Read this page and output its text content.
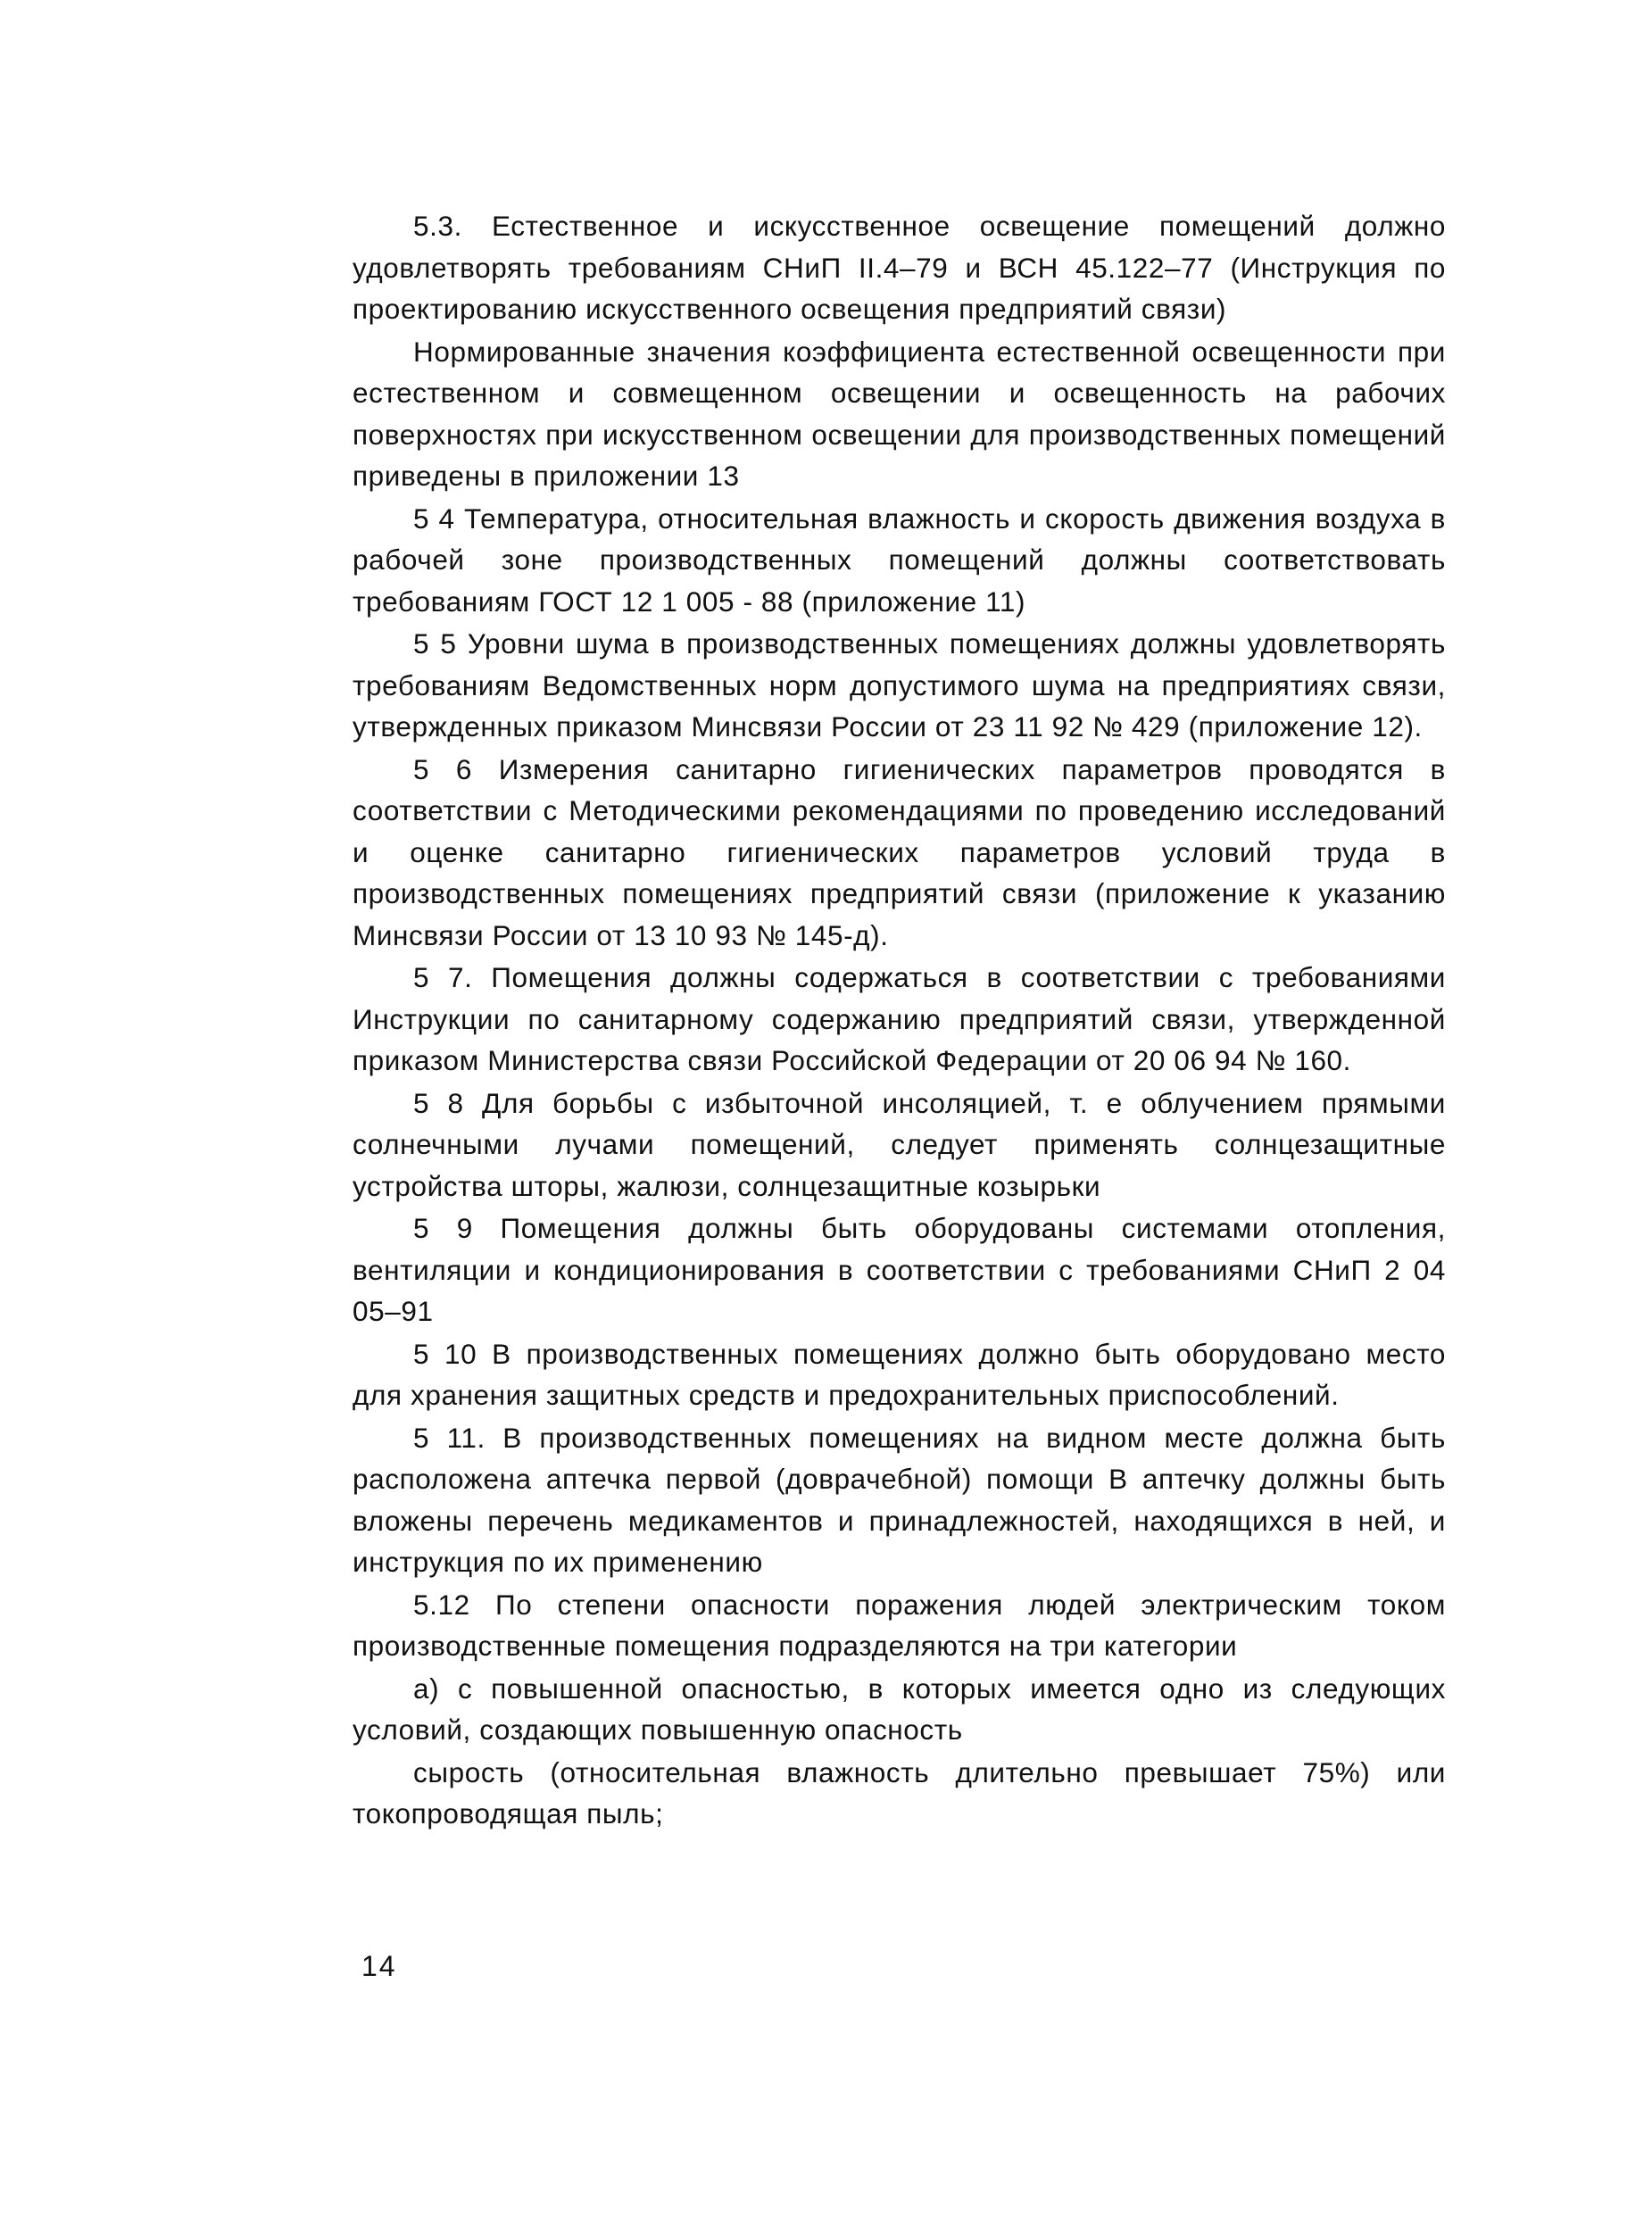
5.3. Естественное и искусственное освещение помещений должно удовлетворять требованиям СНиП II.4–79 и ВСН 45.122–77 (Инструкция по проектированию искусственного освещения предприятий связи)

Нормированные значения коэффициента естественной освещенности при естественном и совмещенном освещении и освещенность на рабочих поверхностях при искусственном освещении для производственных помещений приведены в приложении 13

5 4 Температура, относительная влажность и скорость движения воздуха в рабочей зоне производственных помещений должны соответствовать требованиям ГОСТ 12 1 005 - 88 (приложение 11)

5 5 Уровни шума в производственных помещениях должны удовлетворять требованиям Ведомственных норм допустимого шума на предприятиях связи, утвержденных приказом Минсвязи России от 23 11 92 № 429 (приложение 12).

5 6 Измерения санитарно гигиенических параметров проводятся в соответствии с Методическими рекомендациями по проведению исследований и оценке санитарно гигиенических параметров условий труда в производственных помещениях предприятий связи (приложение к указанию Минсвязи России от 13 10 93 № 145-д).

5 7. Помещения должны содержаться в соответствии с требованиями Инструкции по санитарному содержанию предприятий связи, утвержденной приказом Министерства связи Российской Федерации от 20 06 94 № 160.

5 8 Для борьбы с избыточной инсоляцией, т. е облучением прямыми солнечными лучами помещений, следует применять солнцезащитные устройства шторы, жалюзи, солнцезащитные козырьки

5 9 Помещения должны быть оборудованы системами отопления, вентиляции и кондиционирования в соответствии с требованиями СНиП 2 04 05–91

5 10 В производственных помещениях должно быть оборудовано место для хранения защитных средств и предохранительных приспособлений.

5 11. В производственных помещениях на видном месте должна быть расположена аптечка первой (доврачебной) помощи В аптечку должны быть вложены перечень медикаментов и принадлежностей, находящихся в ней, и инструкция по их применению

5.12 По степени опасности поражения людей электрическим током производственные помещения подразделяются на три категории

а) с повышенной опасностью, в которых имеется одно из следующих условий, создающих повышенную опасность

сырость (относительная влажность длительно превышает 75%) или токопроводящая пыль;

14
